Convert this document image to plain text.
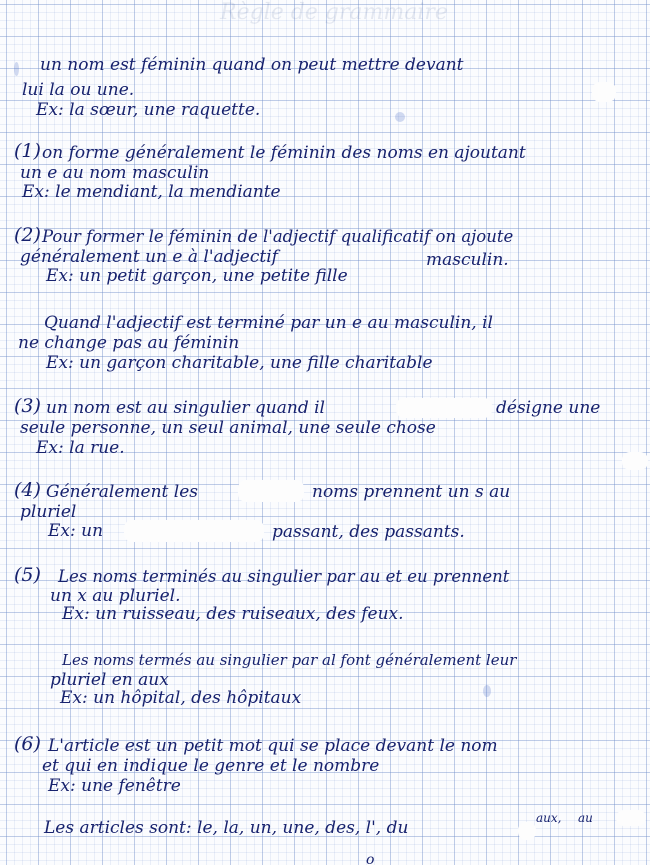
Règle de grammaire
un nom est féminin quand on peut mettre devant
lui la ou une.
Ex: la sœur, une raquette.
(1) on forme généralement le féminin des noms en ajoutant
un e au nom masculin
Ex: le mendiant, la mendiante
(2) Pour former le féminin de l'adjectif qualificatif on ajoute
généralement un e à l'adjectif	masculin.
Ex: un petit garçon, une petite fille
Quand l'adjectif est terminé par un e au masculin, il
ne change pas au féminin
Ex: un garçon charitable, une fille charitable
(3) un nom est au singulier quand il	désigne une
seule personne, un seul animal, une seule chose
Ex: la rue.
(4) Généralement les	noms prennent un s au
pluriel
Ex: un	passant, des passants.
(5) Les noms terminés au singulier par au et eu prennent
un x au pluriel.
Ex: un ruisseau, des ruiseaux, des feux.
Les noms termés au singulier par al font généralement leur
pluriel en aux
Ex: un hôpital, des hôpitaux
(6) L'article est un petit mot qui se place devant le nom
et qui en indique le genre et le nombre
Ex: une fenêtre
Les articles sont: le, la, un, une, des, l', du	aux, au
o
